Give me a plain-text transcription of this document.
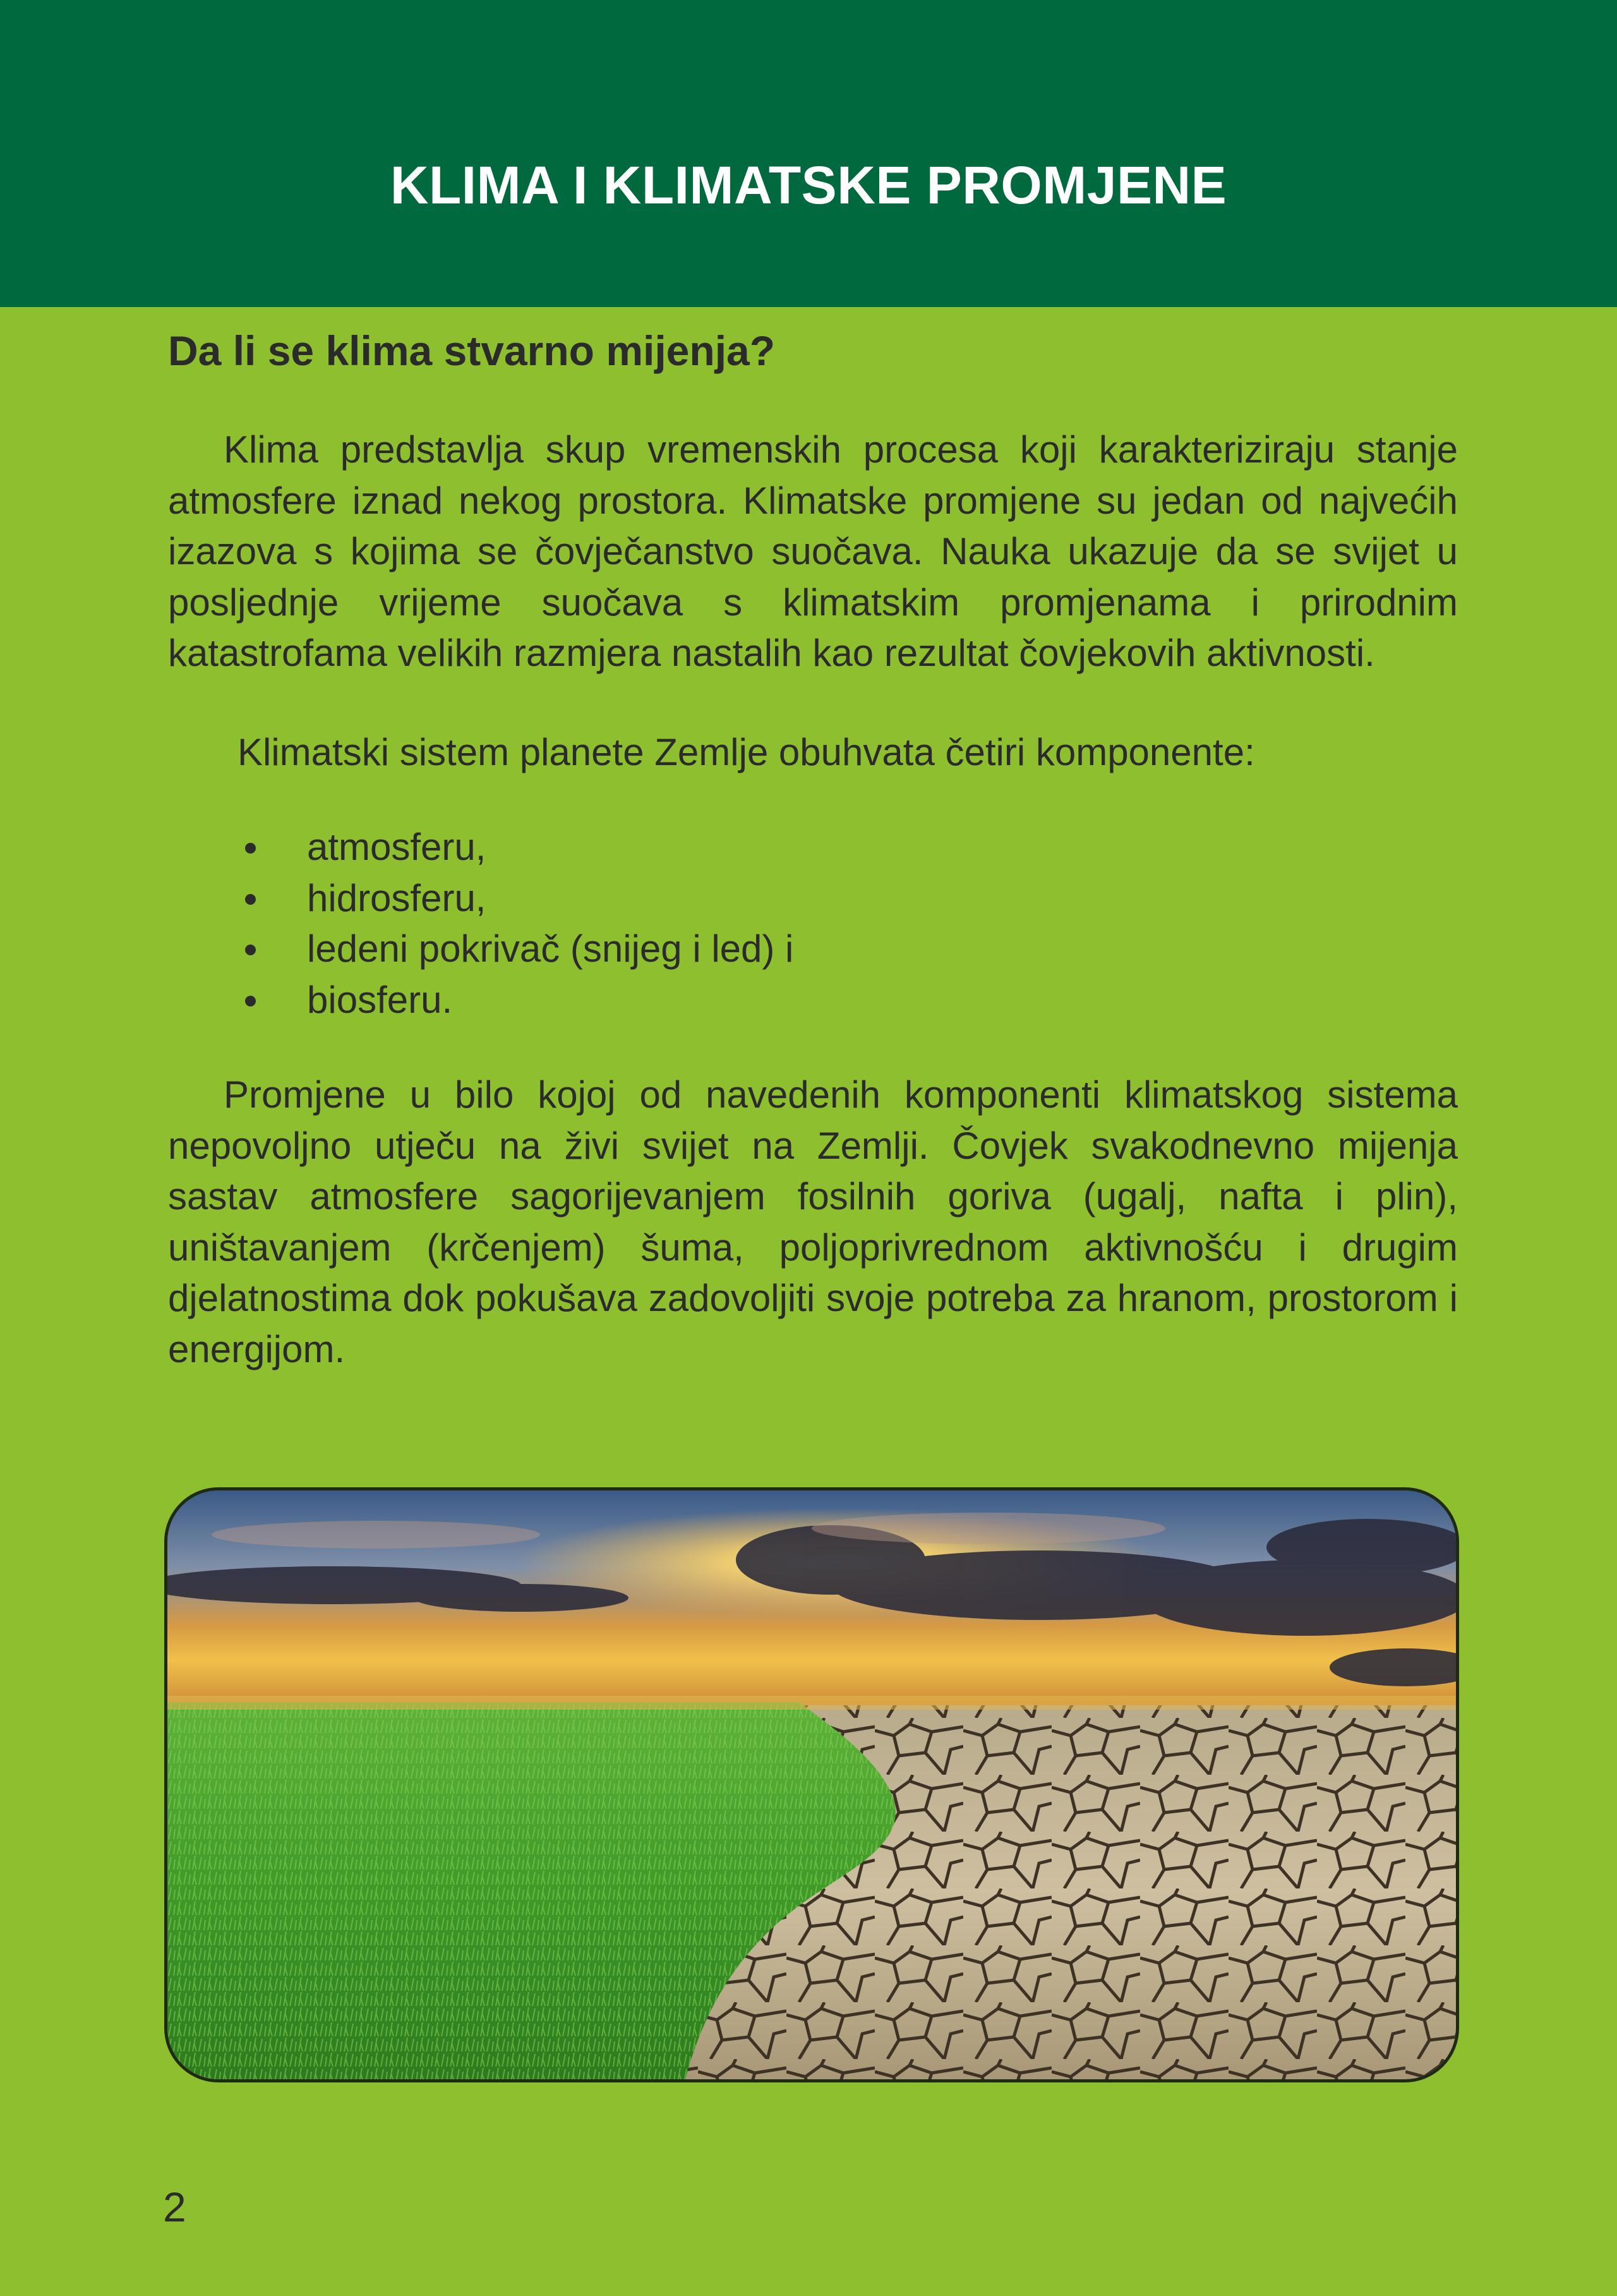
KLIMA I KLIMATSKE PROMJENE
Da li se klima stvarno mijenja?

Klima predstavlja skup vremenskih procesa koji karakteriziraju stanje atmosfere iznad nekog prostora. Klimatske promjene su jedan od najvećih izazova s kojima se čovječanstvo suočava. Nauka ukazuje da se svijet u posljednje vrijeme suočava s klimatskim promjenama i prirodnim katastrofama velikih razmjera nastalih kao rezultat čovjekovih aktivnosti.

Klimatski sistem planete Zemlje obuhvata četiri komponente:

atmosferu,
hidrosferu,
ledeni pokrivač (snijeg i led) i
biosferu.

Promjene u bilo kojoj od navedenih komponenti klimatskog sistema nepovoljno utječu na živi svijet na Zemlji. Čovjek svakodnevno mijenja sastav atmosfere sagorijevanjem fosilnih goriva (ugalj, nafta i plin), uništavanjem (krčenjem) šuma, poljoprivrednom aktivnošću i drugim djelatnostima dok pokušava zadovoljiti svoje potreba za hranom, prostorom i energijom.

2
